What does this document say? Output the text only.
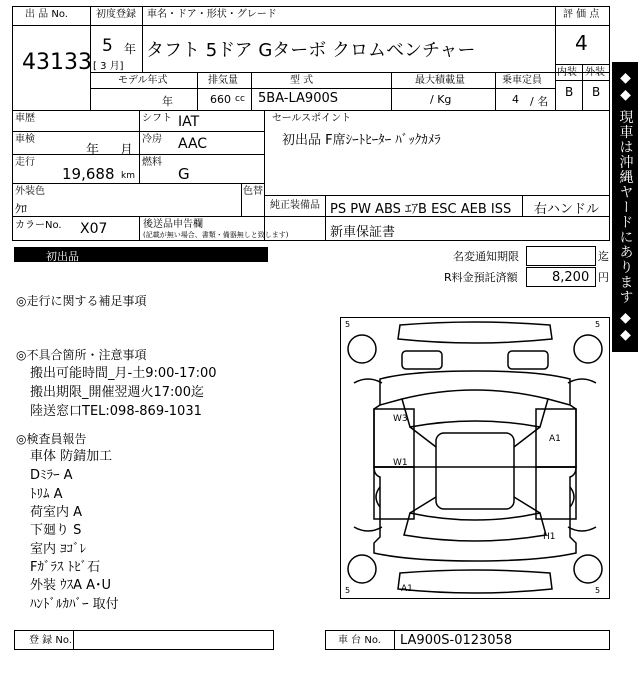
出 品 No.
43133
初度登録
5 年
[ 3 月]
車名・ドア・形状・グレード
タフト 5ドア Gターボ クロムベンチャー
評 価 点
4
内装 外装
B B
モデル年式
年
排気量
660 cc
型 式
5BA-LA900S
最大積載量
/ Kg
乗車定員
4 / 名
車歴	シフト IAT
車検
年 月
冷房 AAC
走行
19,688 km
燃料
G
外装色
ｸﾛ
色替
カラーNo. X07	後送品申告欄
(記載が無い場合、書類・備器無しと致します)
セールスポイント
初出品 F席ｼｰﾄﾋｰﾀｰ ﾊﾞｯｸｶﾒﾗ
純正装備品 PS PW ABS ｴｱB ESC AEB ISS 右ハンドル
新車保証書
初出品	名変通知期限	迄
R料金預託済額	8,200 円
◎走行に関する補足事項
◎不具合箇所・注意事項
搬出可能時間_月-土9:00-17:00
搬出期限_開催翌週火17:00迄
陸送窓口TEL:098-869-1031
◎検査員報告
車体 防錆加工
Dﾐﾗｰ A
ﾄﾘﾑ A
荷室内 A
下廻り S
室内 ﾖｺﾞﾚ
Fｶﾞﾗｽ ﾄﾋﾞ石
外装 ｳｽA A･U
ﾊﾝﾄﾞﾙｶﾊﾞｰ 取付
5	5
5	5
W3
W1
A1
H1
A1
◆◆ 現車は沖縄ヤードにあります ◆◆
登 録 No.	車 台 No. LA900S-0123058
